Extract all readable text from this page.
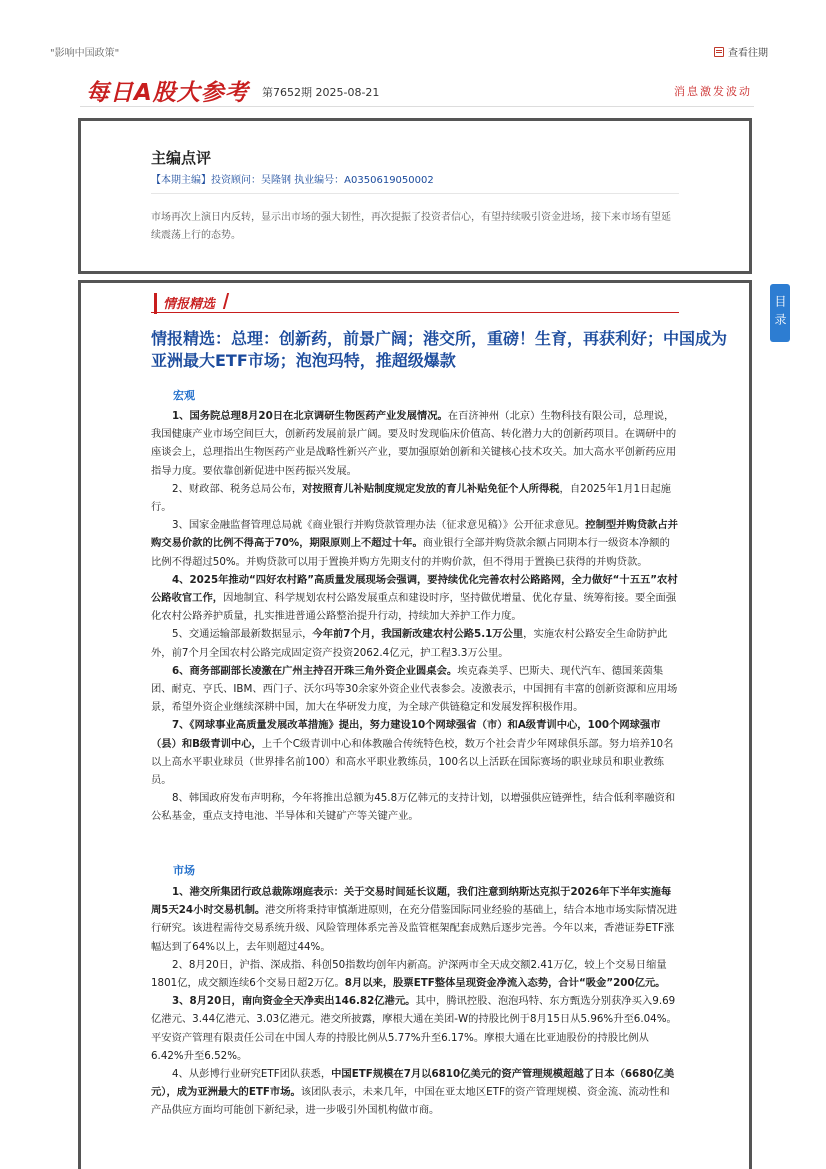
"影响中国政策"	查看往期
每日A股大参考 第7652期 2025-08-21	消息激发波动
主编点评
【本期主编】投资顾问：吴隆钢 执业编号：A0350619050002
市场再次上演日内反转，显示出市场的强大韧性，再次提振了投资者信心，有望持续吸引资金进场，接下来市场有望延续震荡上行的态势。
目录
情报精选
情报精选：总理：创新药，前景广阔；港交所，重磅！生育，再获利好；中国成为亚洲最大ETF市场；泡泡玛特，推超级爆款
宏观

1、国务院总理8月20日在北京调研生物医药产业发展情况。在百济神州（北京）生物科技有限公司，总理说，我国健康产业市场空间巨大，创新药发展前景广阔。要及时发现临床价值高、转化潜力大的创新药项目。在调研中的座谈会上，总理指出生物医药产业是战略性新兴产业，要加强原始创新和关键核心技术攻关。加大高水平创新药应用指导力度。要依靠创新促进中医药振兴发展。

2、财政部、税务总局公布，对按照育儿补贴制度规定发放的育儿补贴免征个人所得税，自2025年1月1日起施行。

3、国家金融监督管理总局就《商业银行并购贷款管理办法（征求意见稿）》公开征求意见。控制型并购贷款占并购交易价款的比例不得高于70%，期限原则上不超过十年。商业银行全部并购贷款余额占同期本行一级资本净额的比例不得超过50%。并购贷款可以用于置换并购方先期支付的并购价款，但不得用于置换已获得的并购贷款。

4、2025年推动“四好农村路”高质量发展现场会强调，要持续优化完善农村公路路网，全力做好“十五五”农村公路收官工作，因地制宜、科学规划农村公路发展重点和建设时序，坚持做优增量、优化存量、统筹衔接。要全面强化农村公路养护质量，扎实推进普通公路整治提升行动，持续加大养护工作力度。

5、交通运输部最新数据显示，今年前7个月，我国新改建农村公路5.1万公里，实施农村公路安全生命防护此外，前7个月全国农村公路完成固定资产投资2062.4亿元，护工程3.3万公里。

6、商务部副部长凌激在广州主持召开珠三角外资企业圆桌会。埃克森美孚、巴斯夫、现代汽车、德国莱茵集团、耐克、亨氏、IBM、西门子、沃尔玛等30余家外资企业代表参会。凌激表示，中国拥有丰富的创新资源和应用场景，希望外资企业继续深耕中国，加大在华研发力度，为全球产供链稳定和发展发挥积极作用。

7、《网球事业高质量发展改革措施》提出，努力建设10个网球强省（市）和A级青训中心，100个网球强市（县）和B级青训中心，上千个C级青训中心和体教融合传统特色校，数万个社会青少年网球俱乐部。努力培养10名以上高水平职业球员（世界排名前100）和高水平职业教练员，100名以上活跃在国际赛场的职业球员和职业教练员。

8、韩国政府发布声明称，今年将推出总额为45.8万亿韩元的支持计划，以增强供应链弹性，结合低利率融资和公私基金，重点支持电池、半导体和关键矿产等关键产业。

市场

1、港交所集团行政总裁陈翊庭表示：关于交易时间延长议题，我们注意到纳斯达克拟于2026年下半年实施每周5天24小时交易机制。港交所将秉持审慎渐进原则，在充分借鉴国际同业经验的基础上，结合本地市场实际情况进行研究。该进程需待交易系统升级、风险管理体系完善及监管框架配套成熟后逐步完善。今年以来，香港证券ETF涨幅达到了64%以上，去年则超过44%。

2、8月20日，沪指、深成指、科创50指数均创年内新高。沪深两市全天成交额2.41万亿，较上个交易日缩量1801亿，成交额连续6个交易日超2万亿。8月以来，股票ETF整体呈现资金净流入态势，合计“吸金”200亿元。

3、8月20日，南向资金全天净卖出146.82亿港元。其中，腾讯控股、泡泡玛特、东方甄选分别获净买入9.69亿港元、3.44亿港元、3.03亿港元。港交所披露，摩根大通在美团-W的持股比例于8月15日从5.96%升至6.04%。平安资产管理有限责任公司在中国人寿的持股比例从5.77%升至6.17%。摩根大通在比亚迪股份的持股比例从6.42%升至6.52%。

4、从彭博行业研究ETF团队获悉，中国ETF规模在7月以6810亿美元的资产管理规模超越了日本（6680亿美元），成为亚洲最大的ETF市场。该团队表示，未来几年，中国在亚太地区ETF的资产管理规模、资金流、流动性和产品供应方面均可能创下新纪录，进一步吸引外国机构做市商。
